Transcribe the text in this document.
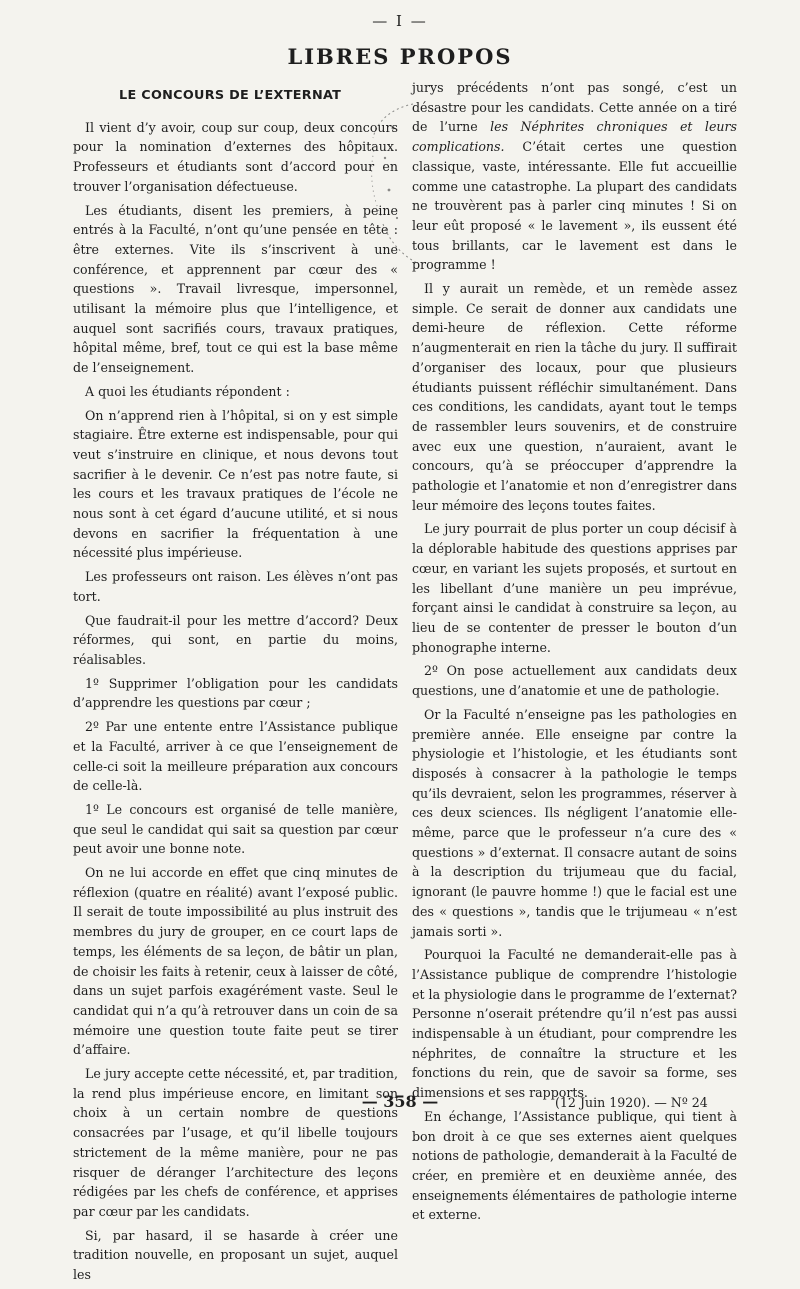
— I —
LIBRES PROPOS
LE CONCOURS DE L’EXTERNAT

Il vient d’y avoir, coup sur coup, deux concours pour la nomination d’externes des hôpitaux. Professeurs et étudiants sont d’accord pour en trouver l’organisation défectueuse.

Les étudiants, disent les premiers, à peine entrés à la Faculté, n’ont qu’une pensée en tête : être externes. Vite ils s’inscrivent à une conférence, et apprennent par cœur des « questions ». Travail livresque, impersonnel, utilisant la mémoire plus que l’intelligence, et auquel sont sacrifiés cours, travaux pratiques, hôpital même, bref, tout ce qui est la base même de l’enseignement.

A quoi les étudiants répondent :

On n’apprend rien à l’hôpital, si on y est simple stagiaire. Être externe est indispensable, pour qui veut s’instruire en clinique, et nous devons tout sacrifier à le devenir. Ce n’est pas notre faute, si les cours et les travaux pratiques de l’école ne nous sont à cet égard d’aucune utilité, et si nous devons en sacrifier la fréquentation à une nécessité plus impérieuse.

Les professeurs ont raison. Les élèves n’ont pas tort.

Que faudrait-il pour les mettre d’accord? Deux réformes, qui sont, en partie du moins, réalisables.

1º Supprimer l’obligation pour les candidats d’apprendre les questions par cœur ;

2º Par une entente entre l’Assistance publique et la Faculté, arriver à ce que l’enseignement de celle-ci soit la meilleure préparation aux concours de celle-là.

1º Le concours est organisé de telle manière, que seul le candidat qui sait sa question par cœur peut avoir une bonne note.

On ne lui accorde en effet que cinq minutes de réflexion (quatre en réalité) avant l’exposé public. Il serait de toute impossibilité au plus instruit des membres du jury de grouper, en ce court laps de temps, les éléments de sa leçon, de bâtir un plan, de choisir les faits à retenir, ceux à laisser de côté, dans un sujet parfois exagérément vaste. Seul le candidat qui n’a qu’à retrouver dans un coin de sa mémoire une question toute faite peut se tirer d’affaire.

Le jury accepte cette nécessité, et, par tradition, la rend plus impérieuse encore, en limitant son choix à un certain nombre de questions consacrées par l’usage, et qu’il libelle toujours strictement de la même manière, pour ne pas risquer de déranger l’architecture des leçons rédigées par les chefs de conférence, et apprises par cœur par les candidats.

Si, par hasard, il se hasarde à créer une tradition nouvelle, en proposant un sujet, auquel les

jurys précédents n’ont pas songé, c’est un désastre pour les candidats. Cette année on a tiré de l’urne les Néphrites chroniques et leurs complications. C’était certes une question classique, vaste, intéressante. Elle fut accueillie comme une catastrophe. La plupart des candidats ne trouvèrent pas à parler cinq minutes ! Si on leur eût proposé « le lavement », ils eussent été tous brillants, car le lavement est dans le programme !

Il y aurait un remède, et un remède assez simple. Ce serait de donner aux candidats une demi-heure de réflexion. Cette réforme n’augmenterait en rien la tâche du jury. Il suffirait d’organiser des locaux, pour que plusieurs étudiants puissent réfléchir simultanément. Dans ces conditions, les candidats, ayant tout le temps de rassembler leurs souvenirs, et de construire avec eux une question, n’auraient, avant le concours, qu’à se préoccuper d’apprendre la pathologie et l’anatomie et non d’enregistrer dans leur mémoire des leçons toutes faites.

Le jury pourrait de plus porter un coup décisif à la déplorable habitude des questions apprises par cœur, en variant les sujets proposés, et surtout en les libellant d’une manière un peu imprévue, forçant ainsi le candidat à construire sa leçon, au lieu de se contenter de presser le bouton d’un phonographe interne.

2º On pose actuellement aux candidats deux questions, une d’anatomie et une de pathologie.

Or la Faculté n’enseigne pas les pathologies en première année. Elle enseigne par contre la physiologie et l’histologie, et les étudiants sont disposés à consacrer à la pathologie le temps qu’ils devraient, selon les programmes, réserver à ces deux sciences. Ils négligent l’anatomie elle-même, parce que le professeur n’a cure des « questions » d’externat. Il consacre autant de soins à la description du trijumeau que du facial, ignorant (le pauvre homme !) que le facial est une des « questions », tandis que le trijumeau « n’est jamais sorti ».

Pourquoi la Faculté ne demanderait-elle pas à l’Assistance publique de comprendre l’histologie et la physiologie dans le programme de l’externat? Personne n’oserait prétendre qu’il n’est pas aussi indispensable à un étudiant, pour comprendre les néphrites, de connaître la structure et les fonctions du rein, que de savoir sa forme, ses dimensions et ses rapports.

En échange, l’Assistance publique, qui tient à bon droit à ce que ses externes aient quelques notions de pathologie, demanderait à la Faculté de créer, en première et en deuxième année, des enseignements élémentaires de pathologie interne et externe.

— 358 —	(12 Juin 1920). — Nº 24
